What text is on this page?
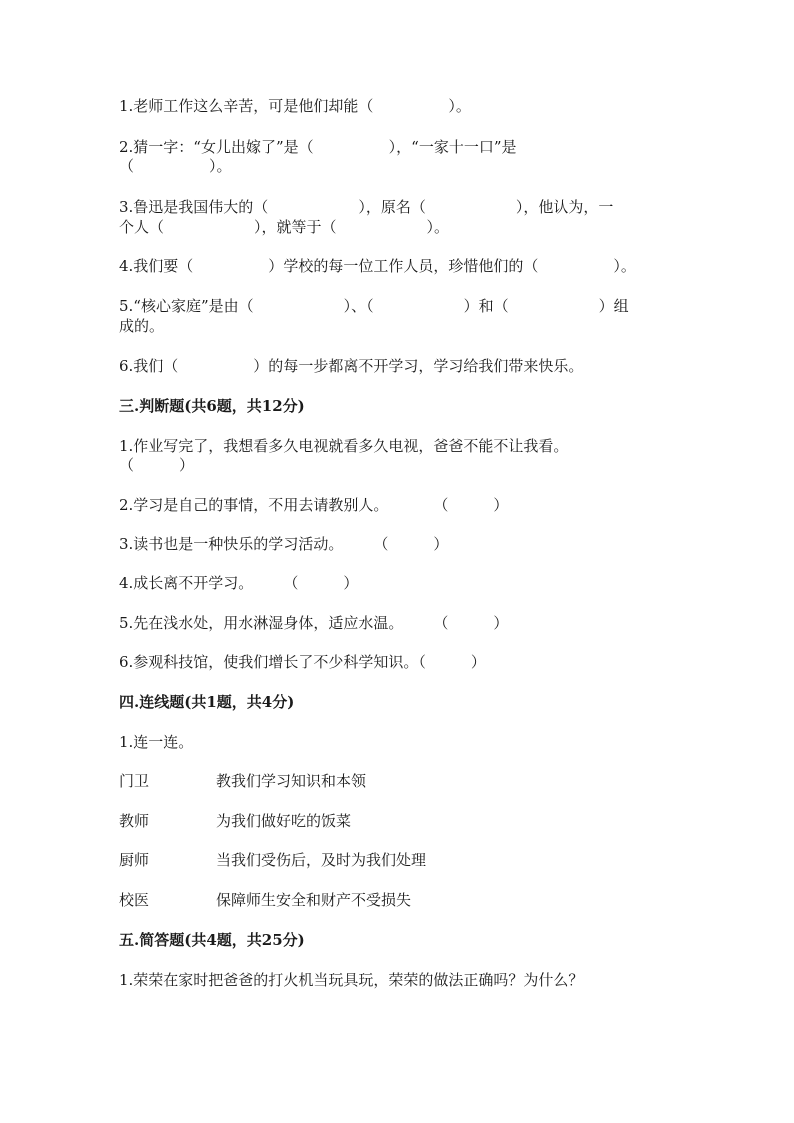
1.老师工作这么辛苦，可是他们却能（　　　　　）。
2.猜一字：“女儿出嫁了”是（　　　　　），“一家十一口”是
（　　　　　）。
3.鲁迅是我国伟大的（　　　　　　），原名（　　　　　　），他认为，一
个人（　　　　　　），就等于（　　　　　　）。
4.我们要（　　　　　）学校的每一位工作人员，珍惜他们的（　　　　　）。
5.“核心家庭”是由（　　　　　　）、（　　　　　　）和（　　　　　　）组
成的。
6.我们（　　　　　）的每一步都离不开学习，学习给我们带来快乐。
三.判断题(共6题，共12分)
1.作业写完了，我想看多久电视就看多久电视，爸爸不能不让我看。
（　　　）
2.学习是自己的事情，不用去请教别人。　　　　（　　　）
3.读书也是一种快乐的学习活动。　　　（　　　）
4.成长离不开学习。　　　（　　　）
5.先在浅水处，用水淋湿身体，适应水温。　　　（　　　）
6.参观科技馆，使我们增长了不少科学知识。（　　　）
四.连线题(共1题，共4分)
1.连一连。
门卫	教我们学习知识和本领
教师	为我们做好吃的饭菜
厨师	当我们受伤后，及时为我们处理
校医	保障师生安全和财产不受损失
五.简答题(共4题，共25分)
1.荣荣在家时把爸爸的打火机当玩具玩，荣荣的做法正确吗？为什么？
